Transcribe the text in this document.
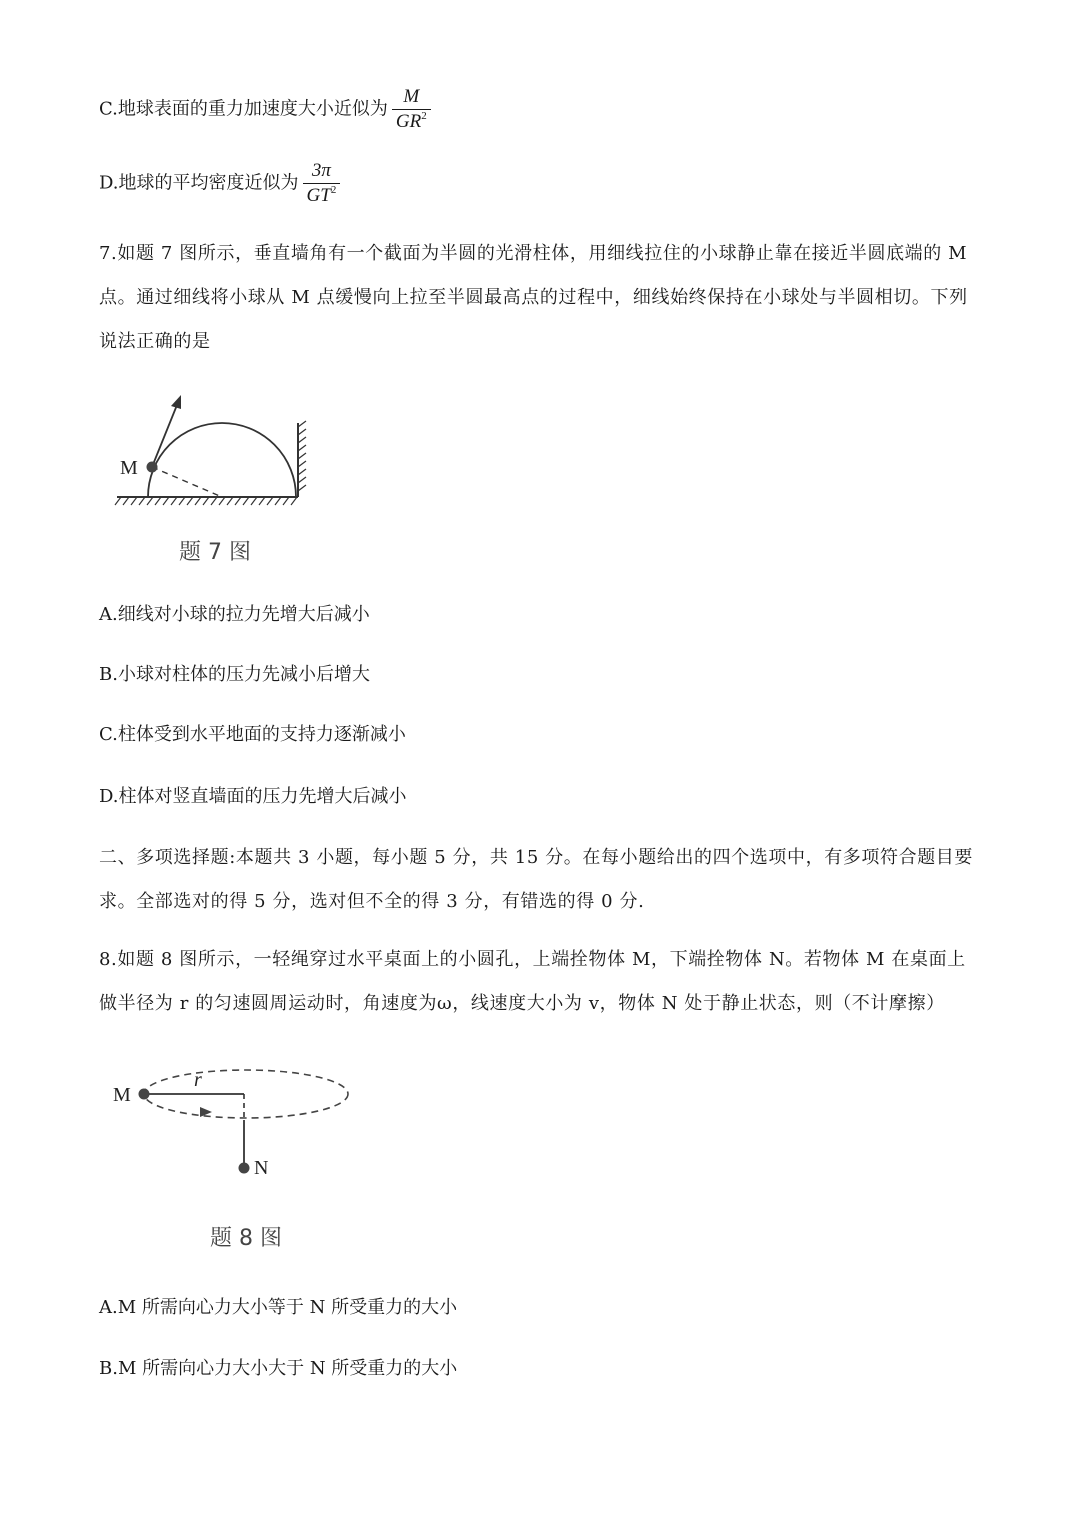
C.地球表面的重力加速度大小近似为 $\frac{M}{GR^2}$
D.地球的平均密度近似为 $\frac{3\pi}{GT^2}$
7.如题 7 图所示，垂直墙角有一个截面为半圆的光滑柱体，用细线拉住的小球静止靠在接近半圆底端的 M 点。通过细线将小球从 M 点缓慢向上拉至半圆最高点的过程中，细线始终保持在小球处与半圆相切。下列说法正确的是
M
题 7 图
A.细线对小球的拉力先增大后减小
B.小球对柱体的压力先减小后增大
C.柱体受到水平地面的支持力逐渐减小
D.柱体对竖直墙面的压力先增大后减小
二、多项选择题:本题共 3 小题，每小题 5 分，共 15 分。在每小题给出的四个选项中，有多项符合题目要求。全部选对的得 5 分，选对但不全的得 3 分，有错选的得 0 分.
8.如题 8 图所示，一轻绳穿过水平桌面上的小圆孔，上端拴物体 M，下端拴物体 N。若物体 M 在桌面上做半径为 r 的匀速圆周运动时，角速度为ω，线速度大小为 v，物体 N 处于静止状态，则（不计摩擦）
M
r
N
题 8 图
A.M 所需向心力大小等于 N 所受重力的大小
B.M 所需向心力大小大于 N 所受重力的大小
